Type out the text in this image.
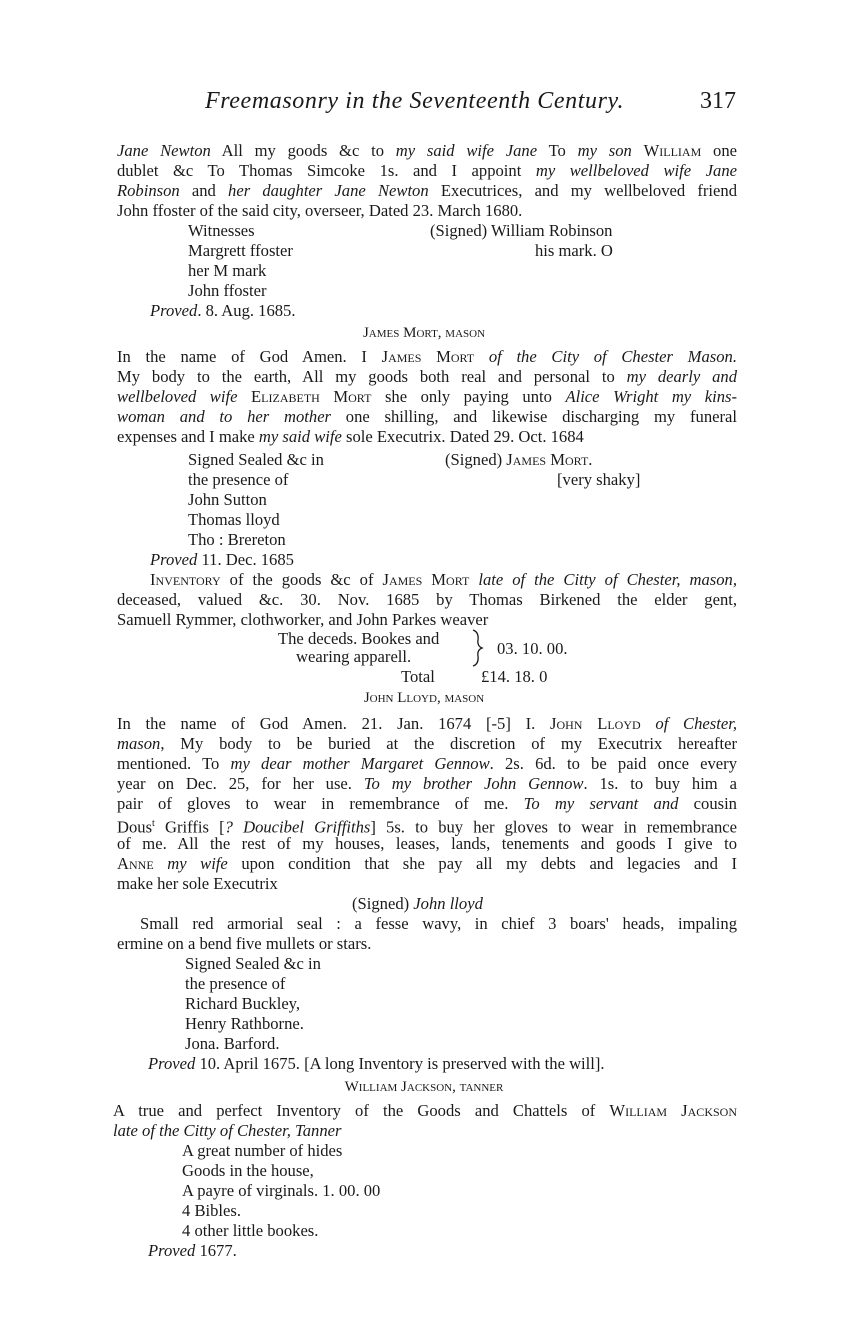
Freemasonry in the Seventeenth Century.	317
Jane Newton All my goods &c to my said wife Jane To my son William one
dublet &c To Thomas Simcoke 1s. and I appoint my wellbeloved wife Jane
Robinson and her daughter Jane Newton Executrices, and my wellbeloved friend
John ffoster of the said city, overseer, Dated 23. March 1680.
Witnesses	(Signed) William Robinson
Margrett ffoster	his mark. O
her M mark
John ffoster
Proved. 8. Aug. 1685.
James Mort, mason
In the name of God Amen. I James Mort of the City of Chester Mason.
My body to the earth, All my goods both real and personal to my dearly and
wellbeloved wife Elizabeth Mort she only paying unto Alice Wright my kins-
woman and to her mother one shilling, and likewise discharging my funeral
expenses and I make my said wife sole Executrix. Dated 29. Oct. 1684
Signed Sealed &c in	(Signed) James Mort.
the presence of	[very shaky]
John Sutton
Thomas lloyd
Tho : Brereton
Proved 11. Dec. 1685
Inventory of the goods &c of James Mort late of the Citty of Chester, mason,
deceased, valued &c. 30. Nov. 1685 by Thomas Birkened the elder gent,
Samuell Rymmer, clothworker, and John Parkes weaver
The deceds. Bookes and
wearing apparell.	03. 10. 00.
Total	£14. 18. 0
John Lloyd, mason
In the name of God Amen. 21. Jan. 1674 [-5] I. John Lloyd of Chester,
mason, My body to be buried at the discretion of my Executrix hereafter
mentioned. To my dear mother Margaret Gennow. 2s. 6d. to be paid once every
year on Dec. 25, for her use. To my brother John Gennow. 1s. to buy him a
pair of gloves to wear in remembrance of me. To my servant and cousin
Dous$^t$ Griffis [? Doucibel Griffiths] 5s. to buy her gloves to wear in remembrance
of me. All the rest of my houses, leases, lands, tenements and goods I give to
Anne my wife upon condition that she pay all my debts and legacies and I
make her sole Executrix
(Signed) John lloyd
Small red armorial seal : a fesse wavy, in chief 3 boars' heads, impaling
ermine on a bend five mullets or stars.
Signed Sealed &c in
the presence of
Richard Buckley,
Henry Rathborne.
Jona. Barford.
Proved 10. April 1675. [A long Inventory is preserved with the will].
William Jackson, tanner
A true and perfect Inventory of the Goods and Chattels of William Jackson
late of the Citty of Chester, Tanner
A great number of hides
Goods in the house,
A payre of virginals. 1. 00. 00
4 Bibles.
4 other little bookes.
Proved 1677.
